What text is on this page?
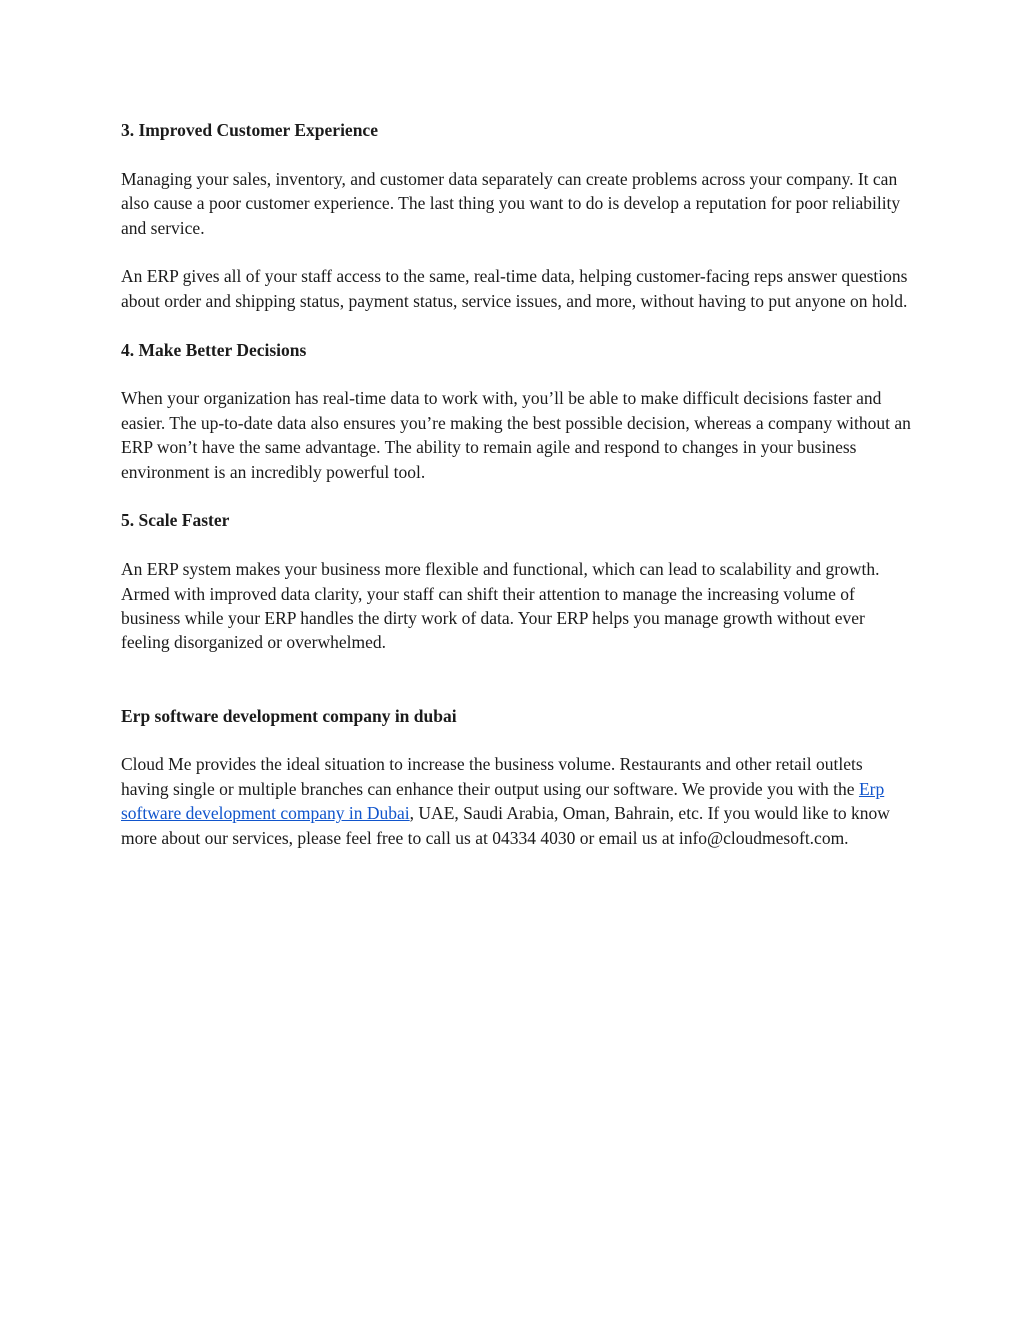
3. Improved Customer Experience

Managing your sales, inventory, and customer data separately can create problems across your company. It can also cause a poor customer experience. The last thing you want to do is develop a reputation for poor reliability and service.

An ERP gives all of your staff access to the same, real-time data, helping customer-facing reps answer questions about order and shipping status, payment status, service issues, and more, without having to put anyone on hold.

4. Make Better Decisions

When your organization has real-time data to work with, you’ll be able to make difficult decisions faster and easier. The up-to-date data also ensures you’re making the best possible decision, whereas a company without an ERP won’t have the same advantage. The ability to remain agile and respond to changes in your business environment is an incredibly powerful tool.

5. Scale Faster

An ERP system makes your business more flexible and functional, which can lead to scalability and growth. Armed with improved data clarity, your staff can shift their attention to manage the increasing volume of business while your ERP handles the dirty work of data. Your ERP helps you manage growth without ever feeling disorganized or overwhelmed.

Erp software development company in dubai

Cloud Me provides the ideal situation to increase the business volume. Restaurants and other retail outlets having single or multiple branches can enhance their output using our software. We provide you with the Erp software development company in Dubai, UAE, Saudi Arabia, Oman, Bahrain, etc. If you would like to know more about our services, please feel free to call us at 04334 4030 or email us at info@cloudmesoft.com.
